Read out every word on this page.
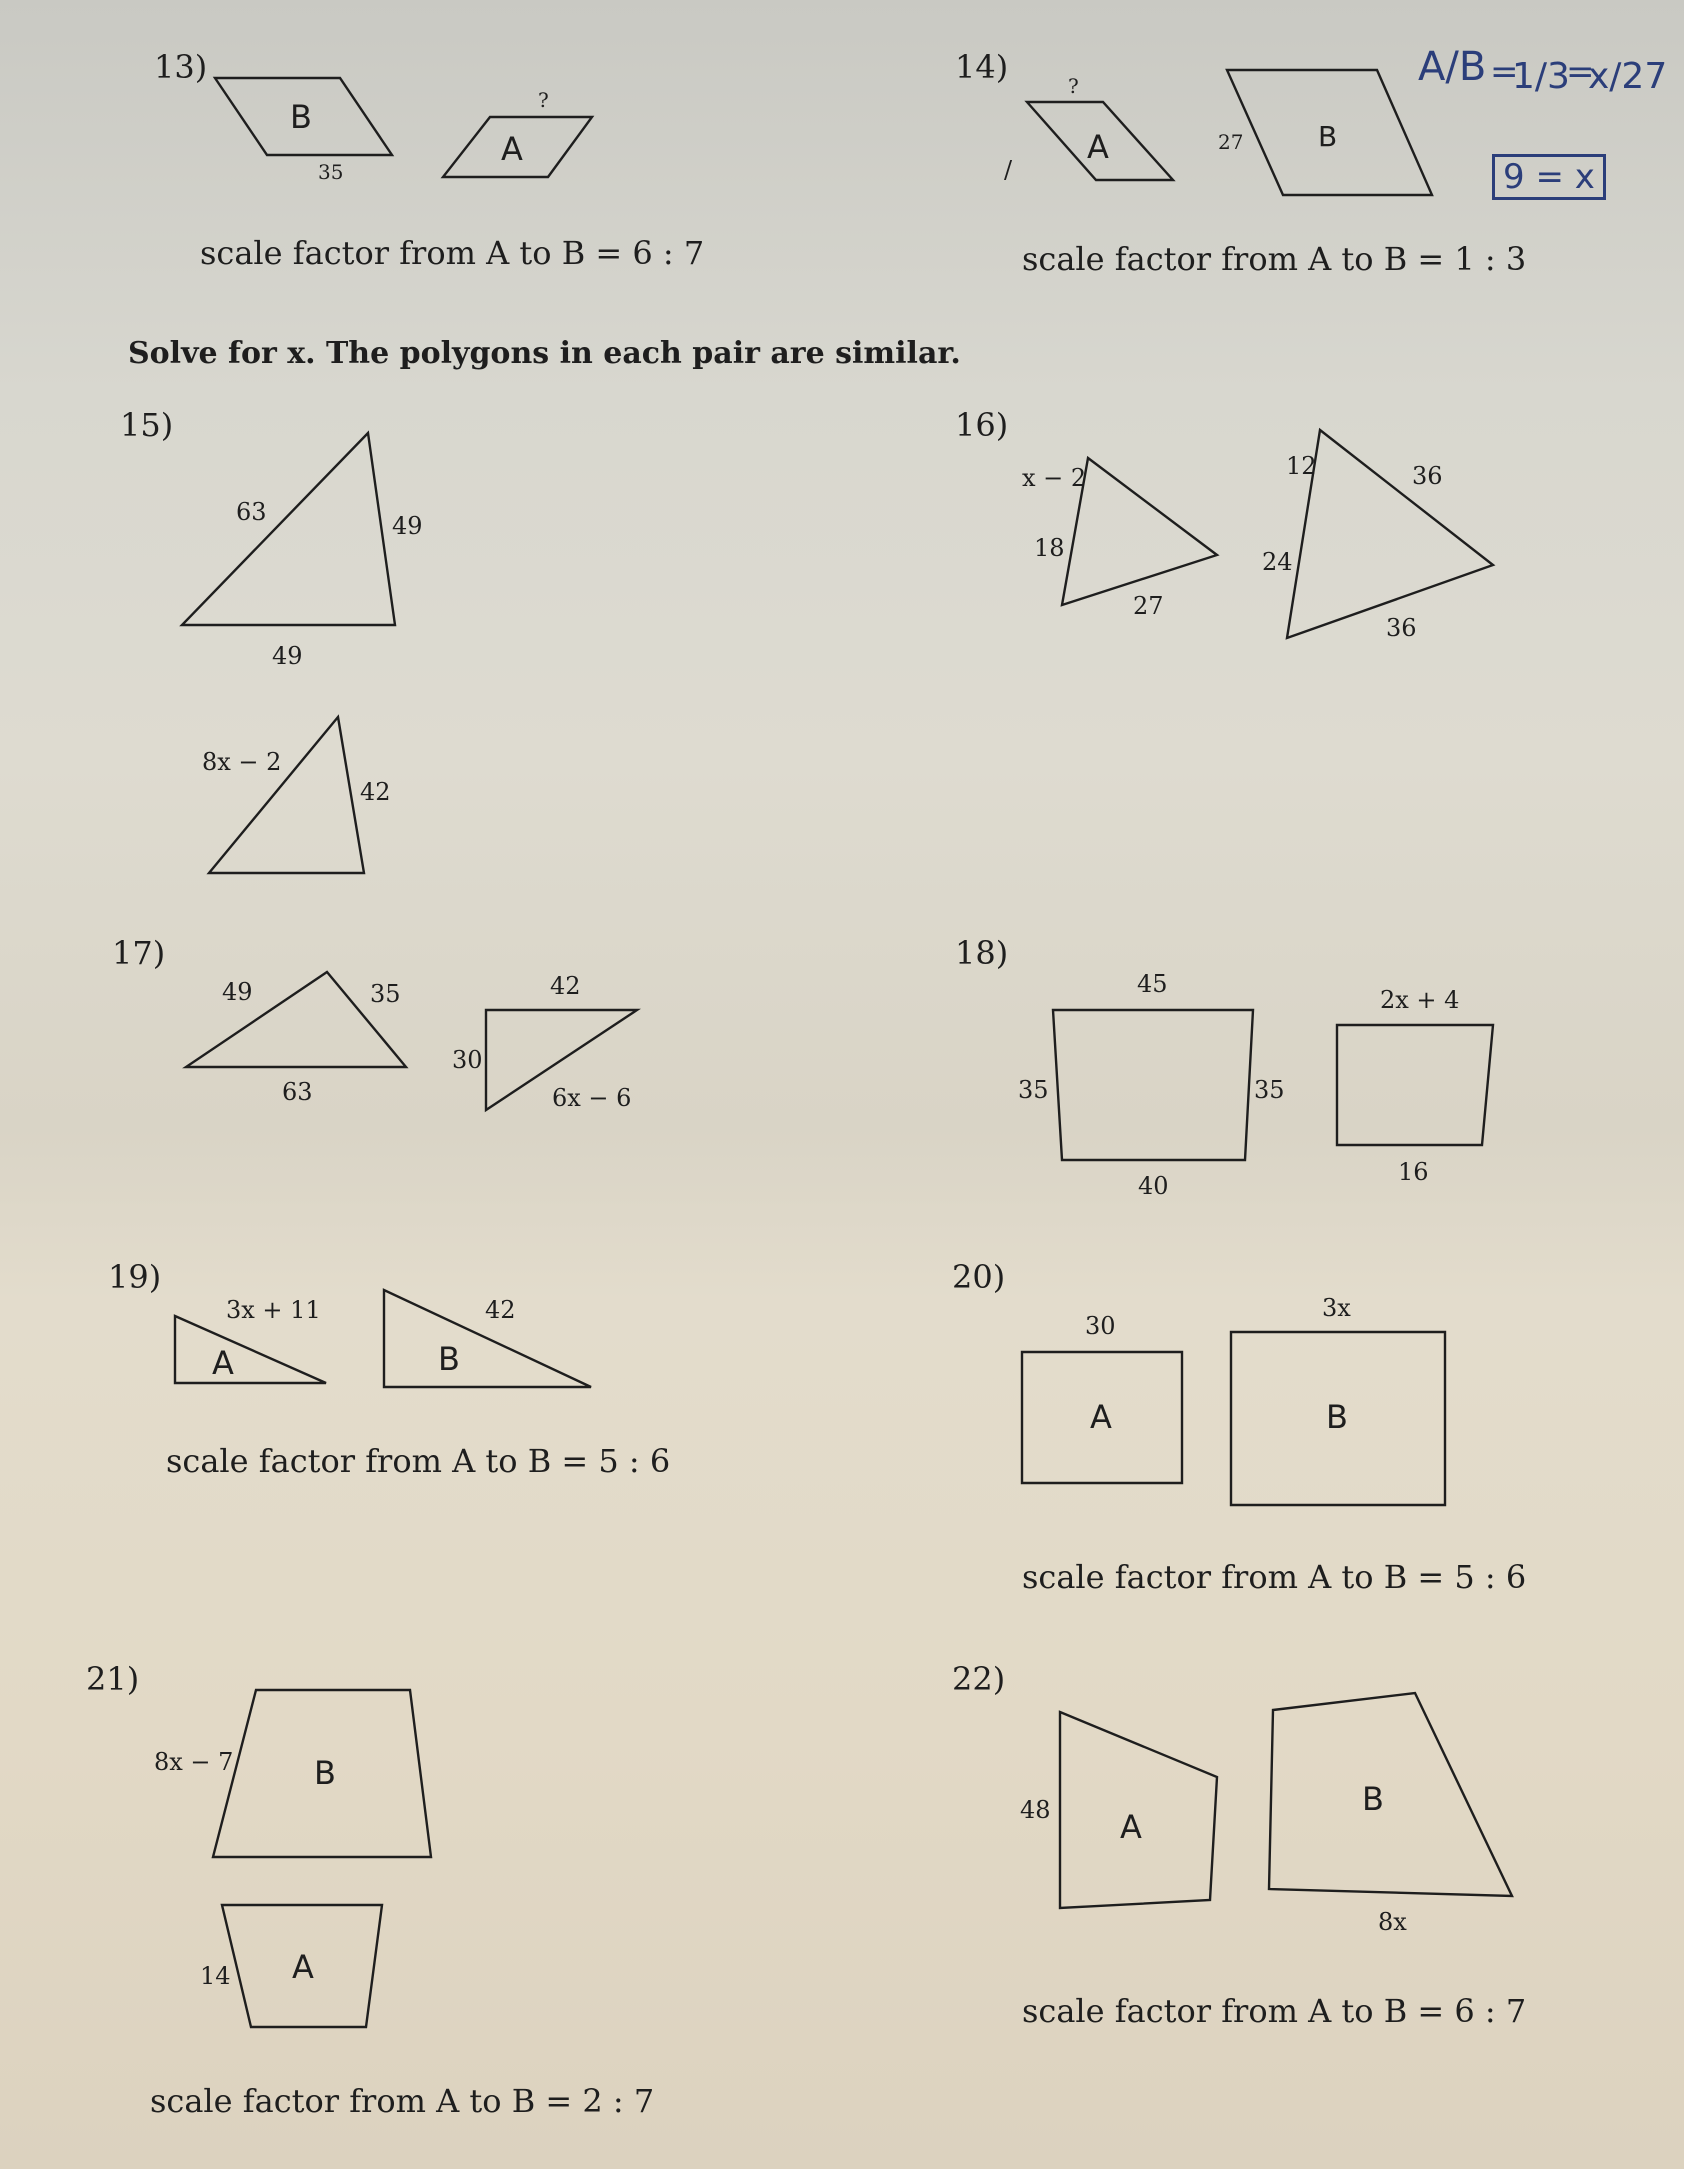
13)
B
35
?
A
scale factor from A to B = 6 : 7
14)	?
/
A	27	B
scale factor from A to B = 1 : 3
A/B =
1/3
=
x/27
9 = x
Solve for x. The polygons in each pair are similar.
15)
63	49
49
8x − 2
42
16)
x − 2
18
27
12	36
24
36
17)
49	35
63
42
30
6x − 6
18)
45
35	35
40
2x + 4
16
19)
3x + 11	42
A	B
scale factor from A to B = 5 : 6
20)
30
3x
A	B
scale factor from A to B = 5 : 6
21)
8x − 7	B
14 A
scale factor from A to B = 2 : 7
22)
48 A
B
8x
scale factor from A to B = 6 : 7
